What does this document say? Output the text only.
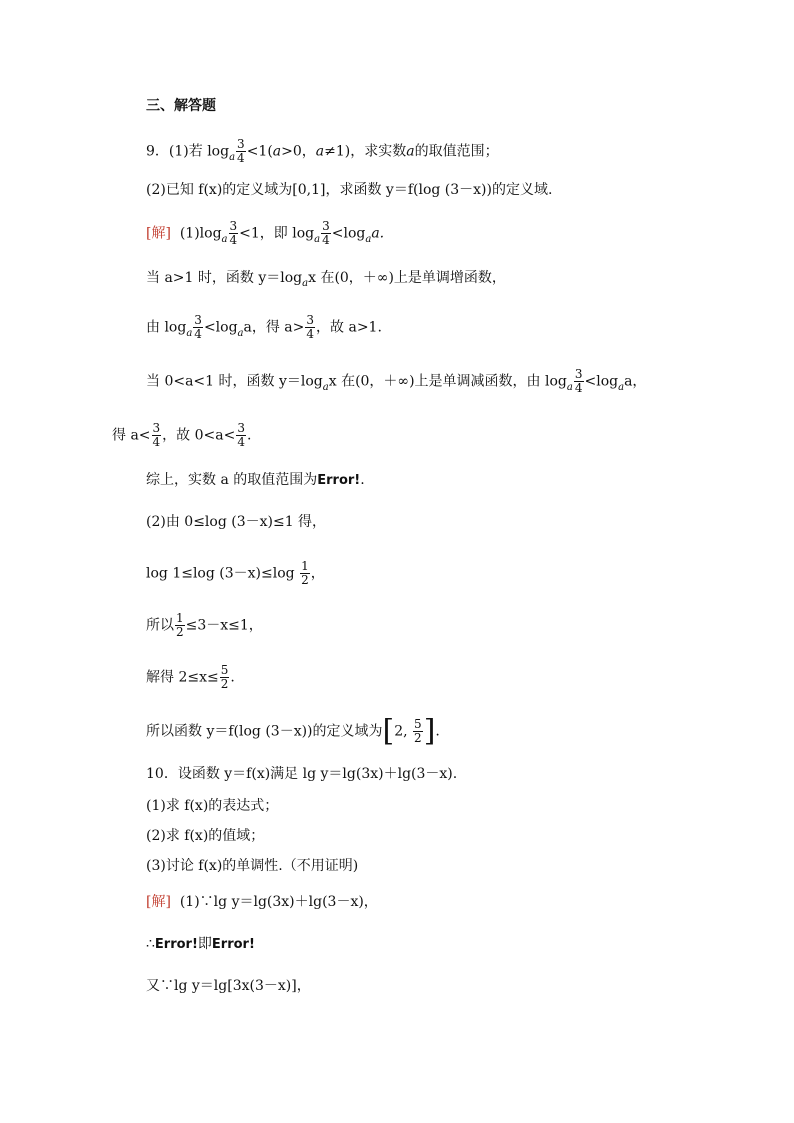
三、解答题
9．(1)若 $\log_a \frac{3}{4} <1(a>0$，a≠1)，求实数a的取值范围；
(2)已知 f(x)的定义域为[0,1]，求函数 y＝f(log (3－x))的定义域.
[解] $(1)\log_a \frac{3}{4} <1$，即 $\log_a \frac{3}{4} <\log_aa$.
当 a>1 时，函数 $y=\log_ax$ 在(0，＋∞)上是单调增函数，
由 $\log_a \frac{3}{4} <\log_aa$，得 $a> \frac{3}{4}$ ，故 a>1.
当 0<a<1 时，函数 $y=\log_ax$ 在(0，＋∞)上是单调减函数，由 $\log_a \frac{3}{4} <\log_aa$，
得 $a< \frac{3}{4}$ ，故 $0<a< \frac{3}{4}$ .
综上，实数 a 的取值范围为Error!.
(2)由 0≤log (3－x)≤1 得，
log 1≤log $(3-x)\le\log \frac{1}{2}$ ，
所以 $\frac{1}{2} \le 3-x\le 1$，
解得 $2\le x\le \frac{5}{2}$ .
所以函数 y＝f(log (3－x))的定义域为[2, $\frac{5}{2}$ ].
10．设函数 y＝f(x)满足 lg y＝lg(3x)＋lg(3－x).
(1)求 f(x)的表达式；
(2)求 f(x)的值域；
(3)讨论 f(x)的单调性.（不用证明)
[解] (1)∵lg y＝lg(3x)＋lg(3－x)，
∴Error!即Error!
又∵lg y＝lg[3x(3－x)]，
